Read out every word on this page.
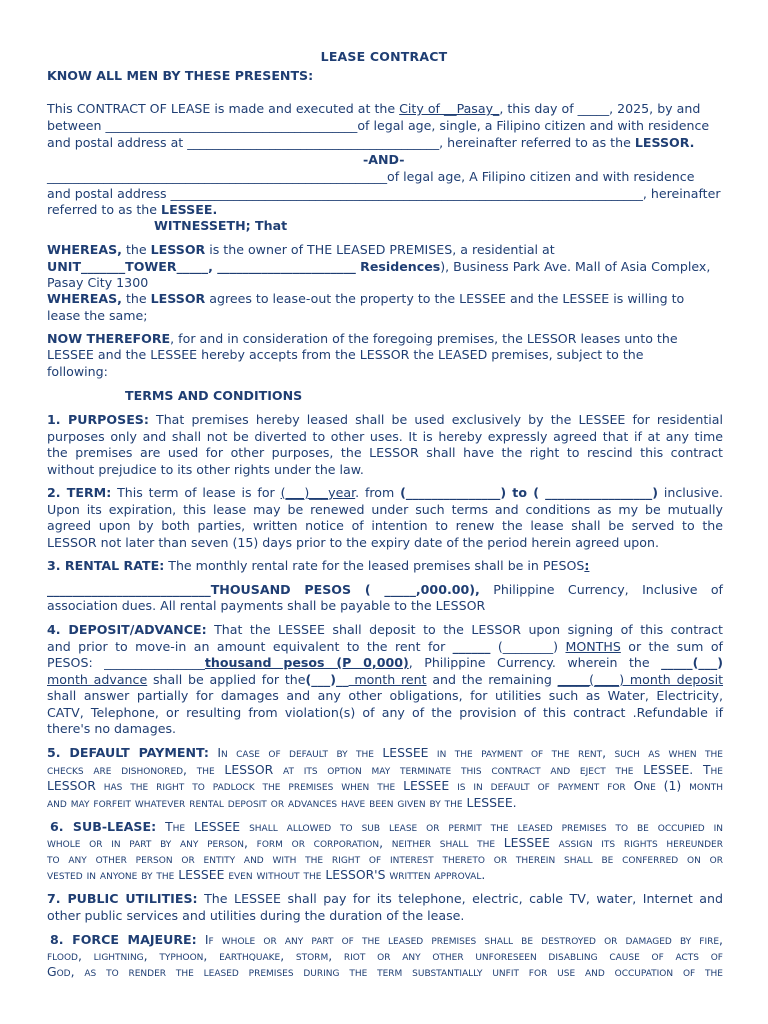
LEASE CONTRACT
KNOW ALL MEN BY THESE PRESENTS:
This CONTRACT OF LEASE is made and executed at the City of __Pasay_, this day of _____, 2025, by and
between ________________________________________of legal age, single, a Filipino citizen and with residence
and postal address at ________________________________________, hereinafter referred to as the LESSOR.
-AND-
______________________________________________________of legal age, A Filipino citizen and with residence
and postal address ___________________________________________________________________________, hereinafter
referred to as the LESSEE.
WITNESSETH; That
WHEREAS, the LESSOR is the owner of THE LEASED PREMISES, a residential at
UNIT_______TOWER_____, ______________________ Residences), Business Park Ave. Mall of Asia Complex,
Pasay City 1300
WHEREAS, the LESSOR agrees to lease-out the property to the LESSEE and the LESSEE is willing to
lease the same;
NOW THEREFORE, for and in consideration of the foregoing premises, the LESSOR leases unto the
LESSEE and the LESSEE hereby accepts from the LESSOR the LEASED premises, subject to the
following:
TERMS AND CONDITIONS
1. PURPOSES: That premises hereby leased shall be used exclusively by the LESSEE for residential
purposes only and shall not be diverted to other uses. It is hereby expressly agreed that if at any time
the premises are used for other purposes, the LESSOR shall have the right to rescind this contract
without prejudice to its other rights under the law.
2. TERM: This term of lease is for (___)___year. from (_______________) to ( _________________) inclusive.
Upon its expiration, this lease may be renewed under such terms and conditions as my be mutually
agreed upon by both parties, written notice of intention to renew the lease shall be served to the
LESSOR not later than seven (15) days prior to the expiry date of the period herein agreed upon.
3. RENTAL RATE: The monthly rental rate for the leased premises shall be in PESOS:
__________________________THOUSAND PESOS ( _____,000.00), Philippine Currency, Inclusive of
association dues. All rental payments shall be payable to the LESSOR
4. DEPOSIT/ADVANCE: That the LESSEE shall deposit to the LESSOR upon signing of this contract
and prior to move-in an amount equivalent to the rent for ______ (________) MONTHS or the sum of
PESOS: ________________thousand pesos (P 0,000), Philippine Currency. wherein the _____(___)
month advance shall be applied for the(___)__ month rent and the remaining _____(____) month deposit
shall answer partially for damages and any other obligations, for utilities such as Water, Electricity,
CATV, Telephone, or resulting from violation(s) of any of the provision of this contract .Refundable if
there's no damages.
5. DEFAULT PAYMENT: In case of default by the LESSEE in the payment of the rent, such as when the
checks are dishonored, the LESSOR at its option may terminate this contract and eject the LESSEE. The
LESSOR has the right to padlock the premises when the LESSEE is in default of payment for One (1) month
and may forfeit whatever rental deposit or advances have been given by the LESSEE.
6. SUB-LEASE: The LESSEE shall allowed to sub lease or permit the leased premises to be occupied in
whole or in part by any person, form or corporation, neither shall the LESSEE assign its rights hereunder
to any other person or entity and with the right of interest thereto or therein shall be conferred on or
vested in anyone by the LESSEE even without the LESSOR'S written approval.
7. PUBLIC UTILITIES: The LESSEE shall pay for its telephone, electric, cable TV, water, Internet and
other public services and utilities during the duration of the lease.
8. FORCE MAJEURE: If whole or any part of the leased premises shall be destroyed or damaged by fire,
flood, lightning, typhoon, earthquake, storm, riot or any other unforeseen disabling cause of acts of
God, as to render the leased premises during the term substantially unfit for use and occupation of the
